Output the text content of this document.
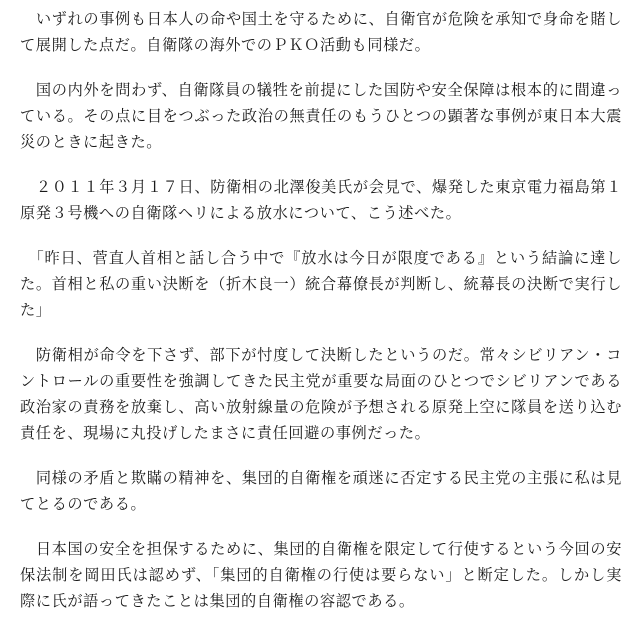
　いずれの事例も日本人の命や国土を守るために、自衛官が危険を承知で身命を賭して展開した点だ。自衛隊の海外でのＰＫＯ活動も同様だ。

　国の内外を問わず、自衛隊員の犠牲を前提にした国防や安全保障は根本的に間違っている。その点に目をつぶった政治の無責任のもうひとつの顕著な事例が東日本大震災のときに起きた。

　２０１１年３月１７日、防衛相の北澤俊美氏が会見で、爆発した東京電力福島第１原発３号機への自衛隊ヘリによる放水について、こう述べた。

　「昨日、菅直人首相と話し合う中で『放水は今日が限度である』という結論に達した。首相と私の重い決断を（折木良一）統合幕僚長が判断し、統幕長の決断で実行した」

　防衛相が命令を下さず、部下が忖度して決断したというのだ。常々シビリアン・コントロールの重要性を強調してきた民主党が重要な局面のひとつでシビリアンである政治家の責務を放棄し、高い放射線量の危険が予想される原発上空に隊員を送り込む責任を、現場に丸投げしたまさに責任回避の事例だった。

　同様の矛盾と欺瞞の精神を、集団的自衛権を頑迷に否定する民主党の主張に私は見てとるのである。

　日本国の安全を担保するために、集団的自衛権を限定して行使するという今回の安保法制を岡田氏は認めず、「集団的自衛権の行使は要らない」と断定した。しかし実際に氏が語ってきたことは集団的自衛権の容認である。
